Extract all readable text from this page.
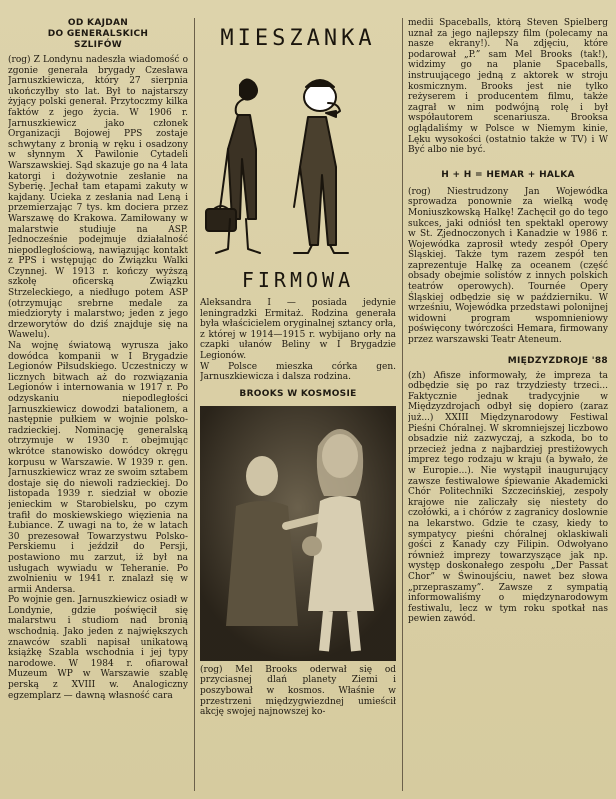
OD KAJDAN
DO GENERALSKICH
SZLIFÓW

(rog) Z Londynu nadeszła wiadomość o zgonie generała brygady Czesława Jarnuszkiewicza, który 27 sierpnia ukończyłby sto lat. Był to najstarszy żyjący polski generał. Przytoczmy kilka faktów z jego życia. W 1906 r. Jarnuszkiewicz jako członek Organizacji Bojowej PPS zostaje schwytany z bronią w ręku i osadzony w słynnym X Pawilonie Cytadeli Warszawskiej. Sąd skazuje go na 4 lata katorgi i dożywotnie zesłanie na Syberię. Jechał tam etapami zakuty w kajdany. Ucieka z zesłania nad Leną i przemierzając 7 tys. km dociera przez Warszawę do Krakowa. Zamiłowany w malarstwie studiuje na ASP. Jednocześnie podejmuje działalność niepodległościową, nawiązując kontakt z PPS i wstępując do Związku Walki Czynnej. W 1913 r. kończy wyższą szkołę oficerską Związku Strzeleckiego, a niedługo potem ASP (otrzymując srebrne medale za miedzioryty i malarstwo; jeden z jego drzeworytów do dziś znajduje się na Wawelu).
Na wojnę światową wyrusza jako dowódca kompanii w I Brygadzie Legionów Piłsudskiego. Uczestniczy w licznych bitwach aż do rozwiązania Legionów i internowania w 1917 r. Po odzyskaniu niepodległości Jarnuszkiewicz dowodzi batalionem, a następnie pułkiem w wojnie polsko-radzieckiej. Nominację generalską otrzymuje w 1930 r. obejmując wkrótce stanowisko dowódcy okręgu korpusu w Warszawie. W 1939 r. gen. Jarnuszkiewicz wraz ze swoim sztabem dostaje się do niewoli radzieckiej. Do listopada 1939 r. siedział w obozie jenieckim w Starobielsku, po czym trafił do moskiewskiego więzienia na Łubiance. Z uwagi na to, że w latach 30 prezesował Towarzystwu Polsko-Perskiemu i jeździł do Persji, postawiono mu zarzut, iż był na usługach wywiadu w Teheranie. Po zwolnieniu w 1941 r. znalazł się w armii Andersa.
Po wojnie gen. Jarnuszkiewicz osiadł w Londynie, gdzie poświęcił się malarstwu i studiom nad bronią wschodnią. Jako jeden z największych znawców szabli napisał unikatową książkę Szabla wschodnia i jej typy narodowe. W 1984 r. ofiarował Muzeum WP w Warszawie szablę perską z XVIII w. Analogiczny egzemplarz — dawną własność cara

MIESZANKA
FIRMOWA

Aleksandra I — posiada jedynie leningradzki Ermitaż. Rodzina generała była właścicielem oryginalnej sztancy orła, z której w 1914—1915 r. wybijano orły na czapki ułanów Beliny w I Brygadzie Legionów.
W Polsce mieszka córka gen. Jarnuszkiewicza i dalsza rodzina.

BROOKS W KOSMOSIE

(rog) Mel Brooks oderwał się od przyciasnej dlań planety Ziemi i poszybował w kosmos. Właśnie w przestrzeni międzygwiezdnej umieścił akcję swojej najnowszej ko-

medii Spaceballs, którą Steven Spielberg uznał za jego najlepszy film (polecamy na nasze ekrany!). Na zdjęciu, które podarował „P.” sam Mel Brooks (tak!), widzimy go na planie Spaceballs, instruującego jedną z aktorek w stroju kosmicznym. Brooks jest nie tylko reżyserem i producentem filmu, także zagrał w nim podwójną rolę i był współautorem scenariusza. Brooksa oglądaliśmy w Polsce w Niemym kinie, Lęku wysokości (ostatnio także w TV) i W Być albo nie być.

H + H = HEMAR + HALKA

(rog) Niestrudzony Jan Wojewódka sprowadza ponownie za wielką wodę Moniuszkowską Halkę! Zachęcił go do tego sukces, jaki odniósł ten spektakl operowy w St. Zjednoczonych i Kanadzie w 1986 r. Wojewódka zaprosił wtedy zespół Opery Śląskiej. Także tym razem zespół ten zaprezentuje Halkę za oceanem (część obsady obejmie solistów z innych polskich teatrów operowych). Tournée Opery Śląskiej odbędzie się w październiku. W wrześniu, Wojewódka przedstawi polonijnej widowni program wspomnieniowy poświęcony twórczości Hemara, firmowany przez warszawski Teatr Ateneum.

MIĘDZYZDROJE '88

(zh) Afisze informowały, że impreza ta odbędzie się po raz trzydziesty trzeci... Faktycznie jednak tradycyjnie w Międzyzdrojach odbył się dopiero (zaraz już...) XXIII Międzynarodowy Festiwal Pieśni Chóralnej. W skromniejszej liczbowo obsadzie niż zazwyczaj, a szkoda, bo to przecież jedna z najbardziej prestiżowych imprez tego rodzaju w kraju (a bywało, że w Europie...). Nie wystąpił inaugurujący zawsze festiwalowe śpiewanie Akademicki Chór Politechniki Szczecińskiej, zespoły krajowe nie zaliczały się niestety do czołówki, a i chórów z zagranicy doslownie na lekarstwo. Gdzie te czasy, kiedy to sympatycy pieśni chóralnej oklaskiwali gości z Kanady czy Filipin. Odwołyano również imprezy towarzyszące jak np. występ doskonałego zespołu „Der Passat Chor” w Świnoujściu, nawet bez słowa „przepraszamy”. Zawsze z sympatią informowaliśmy o międzynarodowym festiwalu, lecz w tym roku spotkał nas pewien zawód.
